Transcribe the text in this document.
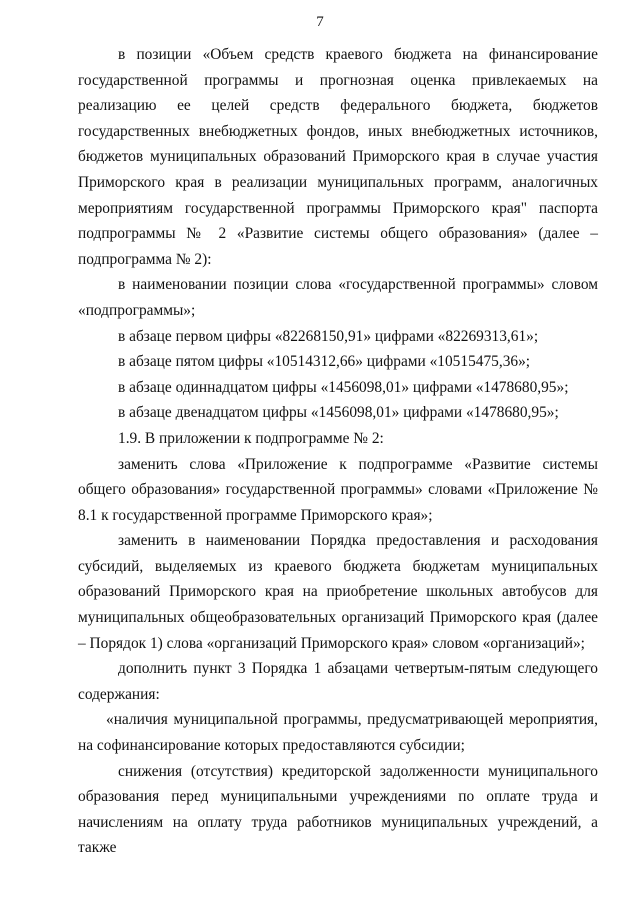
7

в позиции «Объем средств краевого бюджета на финансирование государственной программы и прогнозная оценка привлекаемых на реализацию ее целей средств федерального бюджета, бюджетов государственных внебюджетных фондов, иных внебюджетных источников, бюджетов муниципальных образований Приморского края в случае участия Приморского края в реализации муниципальных программ, аналогичных мероприятиям государственной программы Приморского края" паспорта подпрограммы № 2 «Развитие системы общего образования» (далее – подпрограмма № 2):

в наименовании позиции слова «государственной программы» словом «подпрограммы»;

в абзаце первом цифры «82268150,91» цифрами «82269313,61»;

в абзаце пятом цифры «10514312,66» цифрами «10515475,36»;

в абзаце одиннадцатом цифры «1456098,01» цифрами «1478680,95»;

в абзаце двенадцатом цифры «1456098,01» цифрами «1478680,95»;

1.9. В приложении к подпрограмме № 2:

заменить слова «Приложение к подпрограмме «Развитие системы общего образования» государственной программы» словами «Приложение № 8.1 к государственной программе Приморского края»;

заменить в наименовании Порядка предоставления и расходования субсидий, выделяемых из краевого бюджета бюджетам муниципальных образований Приморского края на приобретение школьных автобусов для муниципальных общеобразовательных организаций Приморского края (далее – Порядок 1) слова «организаций Приморского края» словом «организаций»;

дополнить пункт 3 Порядка 1 абзацами четвертым-пятым следующего содержания:

«наличия муниципальной программы, предусматривающей мероприятия, на софинансирование которых предоставляются субсидии;

снижения (отсутствия) кредиторской задолженности муниципального образования перед муниципальными учреждениями по оплате труда и начислениям на оплату труда работников муниципальных учреждений, а также
